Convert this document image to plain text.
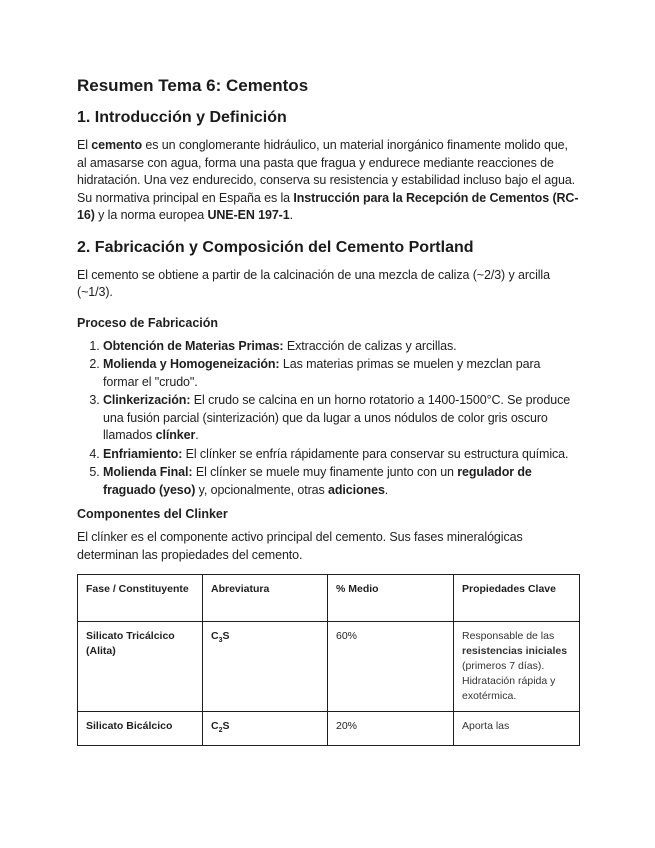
Resumen Tema 6: Cementos
1. Introducción y Definición

El cemento es un conglomerante hidráulico, un material inorgánico finamente molido que, al amasarse con agua, forma una pasta que fragua y endurece mediante reacciones de hidratación. Una vez endurecido, conserva su resistencia y estabilidad incluso bajo el agua. Su normativa principal en España es la Instrucción para la Recepción de Cementos (RC-16) y la norma europea UNE-EN 197-1.

2. Fabricación y Composición del Cemento Portland

El cemento se obtiene a partir de la calcinación de una mezcla de caliza (~2/3) y arcilla (~1/3).

Proceso de Fabricación
1. Obtención de Materias Primas: Extracción de calizas y arcillas.
2. Molienda y Homogeneización: Las materias primas se muelen y mezclan para formar el "crudo".
3. Clinkerización: El crudo se calcina en un horno rotatorio a 1400-1500°C. Se produce una fusión parcial (sinterización) que da lugar a unos nódulos de color gris oscuro llamados clínker.
4. Enfriamiento: El clínker se enfría rápidamente para conservar su estructura química.
5. Molienda Final: El clínker se muele muy finamente junto con un regulador de fraguado (yeso) y, opcionalmente, otras adiciones.
Componentes del Clinker

El clínker es el componente activo principal del cemento. Sus fases mineralógicas determinan las propiedades del cemento.

Fase / Constituyente	Abreviatura	% Medio	Propiedades Clave
Silicato Tricálcico (Alita)	$C_3S$	60%	Responsable de las resistencias iniciales (primeros 7 días). Hidratación rápida y exotérmica.
Silicato Bicálcico	$C_2S$	20%	Aporta las
